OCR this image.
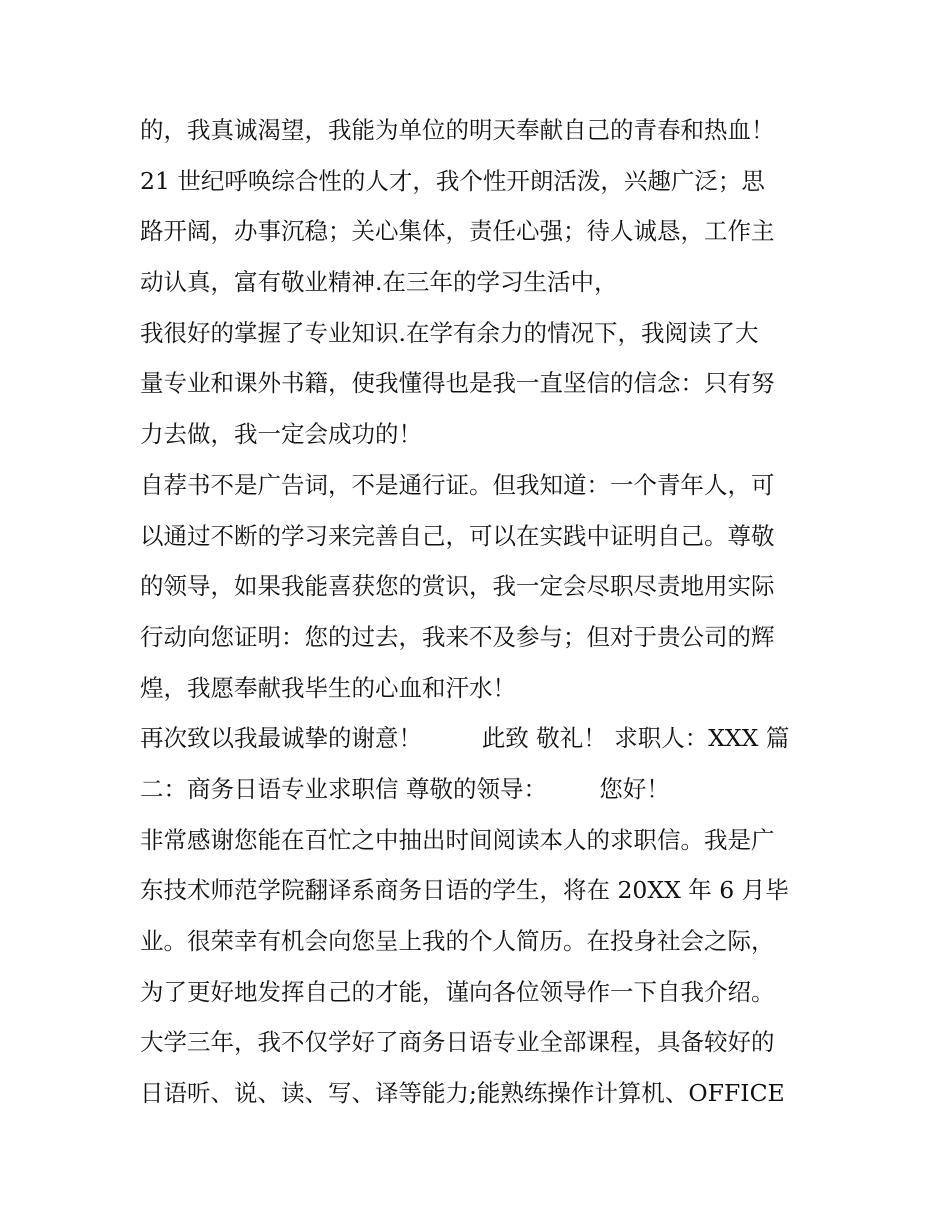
的，我真诚渴望，我能为单位的明天奉献自己的青春和热血！
21 世纪呼唤综合性的人才，我个性开朗活泼，兴趣广泛；思
路开阔，办事沉稳；关心集体，责任心强；待人诚恳，工作主
动认真，富有敬业精神.在三年的学习生活中，
我很好的掌握了专业知识.在学有余力的情况下，我阅读了大
量专业和课外书籍，使我懂得也是我一直坚信的信念：只有努
力去做，我一定会成功的！
自荐书不是广告词，不是通行证。但我知道：一个青年人，可
以通过不断的学习来完善自己，可以在实践中证明自己。尊敬
的领导，如果我能喜获您的赏识，我一定会尽职尽责地用实际
行动向您证明：您的过去，我来不及参与；但对于贵公司的辉
煌，我愿奉献我毕生的心血和汗水！
再次致以我最诚挚的谢意！        此致 敬礼！ 求职人：XXX 篇
二：商务日语专业求职信 尊敬的领导：       您好！
非常感谢您能在百忙之中抽出时间阅读本人的求职信。我是广
东技术师范学院翻译系商务日语的学生，将在 20XX 年 6 月毕
业。很荣幸有机会向您呈上我的个人简历。在投身社会之际，
为了更好地发挥自己的才能，谨向各位领导作一下自我介绍。
大学三年，我不仅学好了商务日语专业全部课程，具备较好的
日语听、说、读、写、译等能力;能熟练操作计算机、OFFICE
